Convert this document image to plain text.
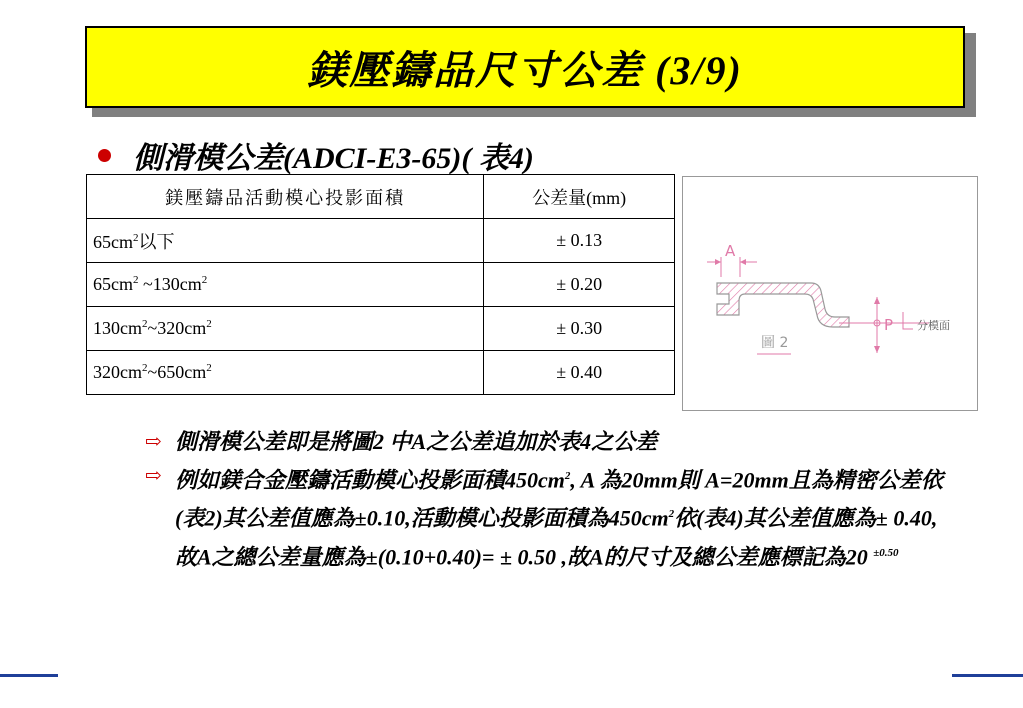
鎂壓鑄品尺寸公差 (3/9)
側滑模公差(ADCI-E3-65)( 表4)
鎂壓鑄品活動模心投影面積	公差量(mm)
$65cm^2$以下	± 0.13
$65cm^2$ $\sim 130cm^2$	± 0.20
$130cm^2\sim 320cm^2$	± 0.30
$320cm^2\sim 650cm^2$	± 0.40
A
P 分模面
圖 2
⇨ 側滑模公差即是將圖2 中A之公差追加於表4之公差
⇨ 例如鎂合金壓鑄活動模心投影面積$450cm^2$, A 為20mm則 A=20mm且為精密公差依(表2)其公差值應為±0.10,活動模心投影面積為$450cm^2$依(表4)其公差值應為± 0.40, 故A之總公差量應為±(0.10+0.40)= ± 0.50 ,故A的尺寸及總公差應標記為20 $^{\pm 0.50}$
